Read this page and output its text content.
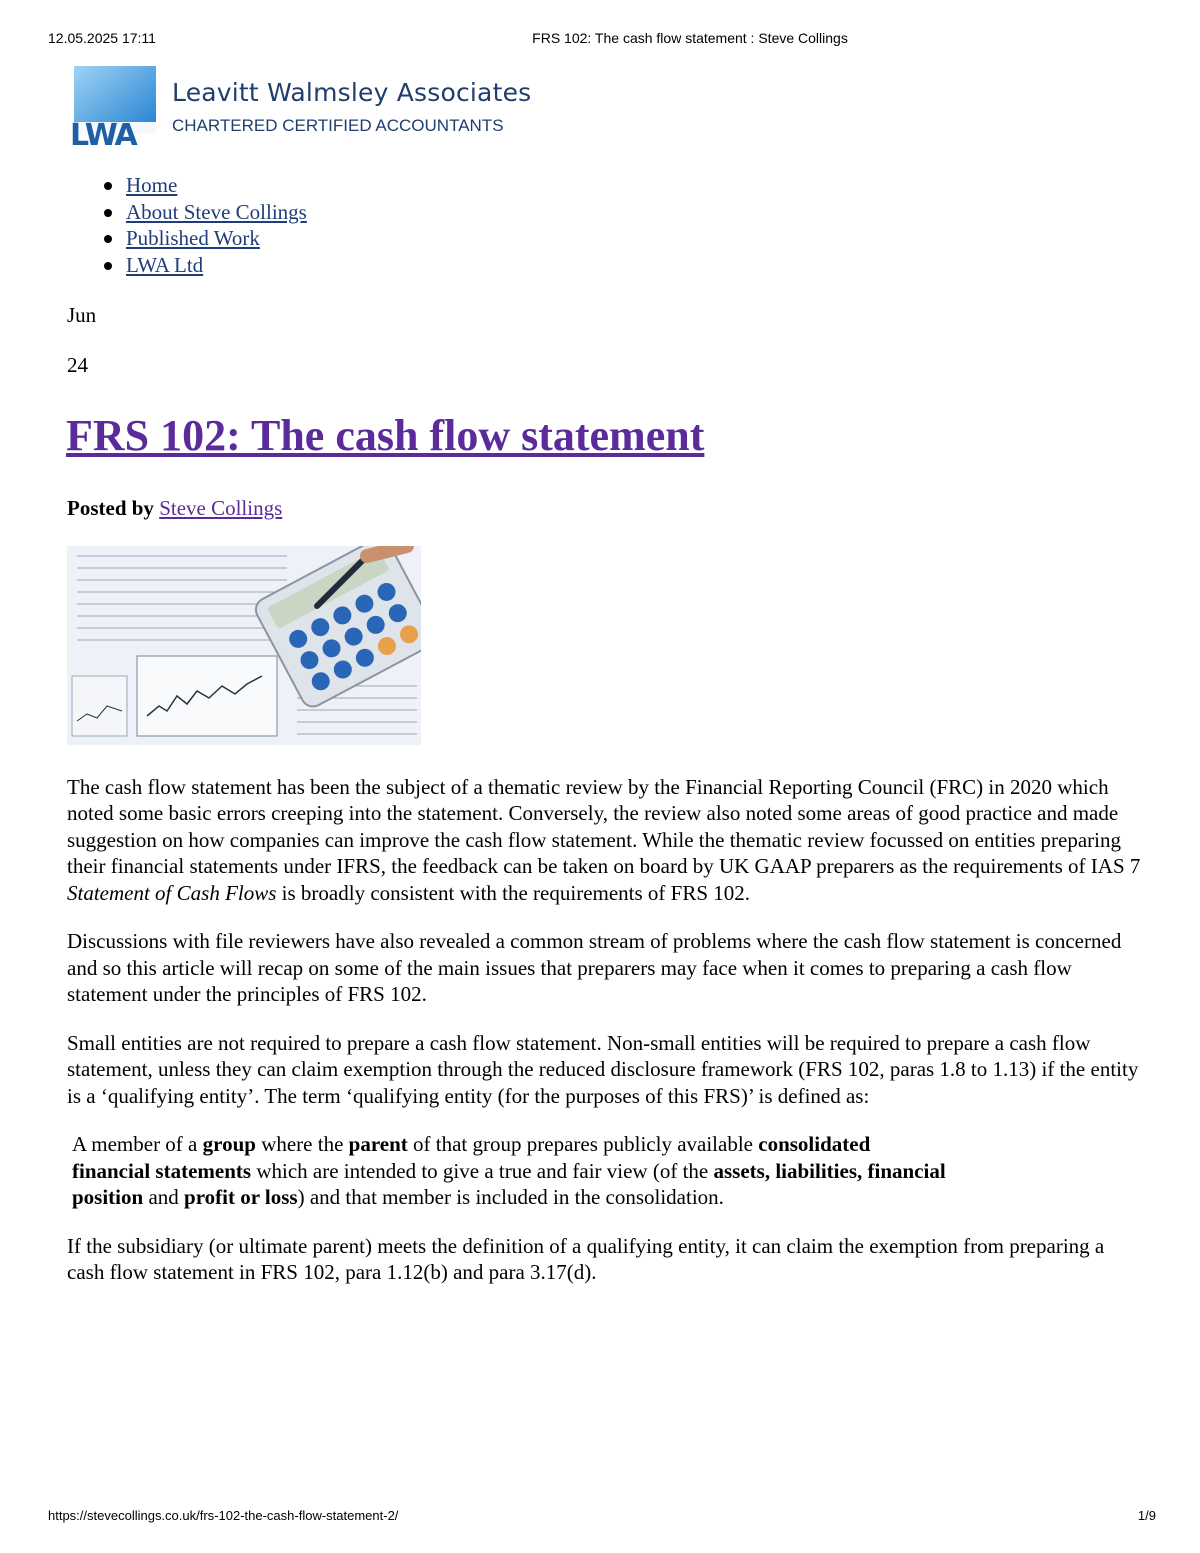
12.05.2025 17:11	FRS 102: The cash flow statement : Steve Collings
LWA
Leavitt Walmsley Associates
CHARTERED CERTIFIED ACCOUNTANTS
Home
About Steve Collings
Published Work
LWA Ltd
Jun
24
FRS 102: The cash flow statement
Posted by Steve Collings

The cash flow statement has been the subject of a thematic review by the Financial Reporting Council (FRC) in 2020 which noted some basic errors creeping into the statement. Conversely, the review also noted some areas of good practice and made suggestion on how companies can improve the cash flow statement. While the thematic review focussed on entities preparing their financial statements under IFRS, the feedback can be taken on board by UK GAAP preparers as the requirements of IAS 7 Statement of Cash Flows is broadly consistent with the requirements of FRS 102.

Discussions with file reviewers have also revealed a common stream of problems where the cash flow statement is concerned and so this article will recap on some of the main issues that preparers may face when it comes to preparing a cash flow statement under the principles of FRS 102.

Small entities are not required to prepare a cash flow statement. Non-small entities will be required to prepare a cash flow statement, unless they can claim exemption through the reduced disclosure framework (FRS 102, paras 1.8 to 1.13) if the entity is a ‘qualifying entity’. The term ‘qualifying entity (for the purposes of this FRS)’ is defined as:

A member of a group where the parent of that group prepares publicly available consolidated financial statements which are intended to give a true and fair view (of the assets, liabilities, financial position and profit or loss) and that member is included in the consolidation.

If the subsidiary (or ultimate parent) meets the definition of a qualifying entity, it can claim the exemption from preparing a cash flow statement in FRS 102, para 1.12(b) and para 3.17(d).

https://stevecollings.co.uk/frs-102-the-cash-flow-statement-2/	1/9
